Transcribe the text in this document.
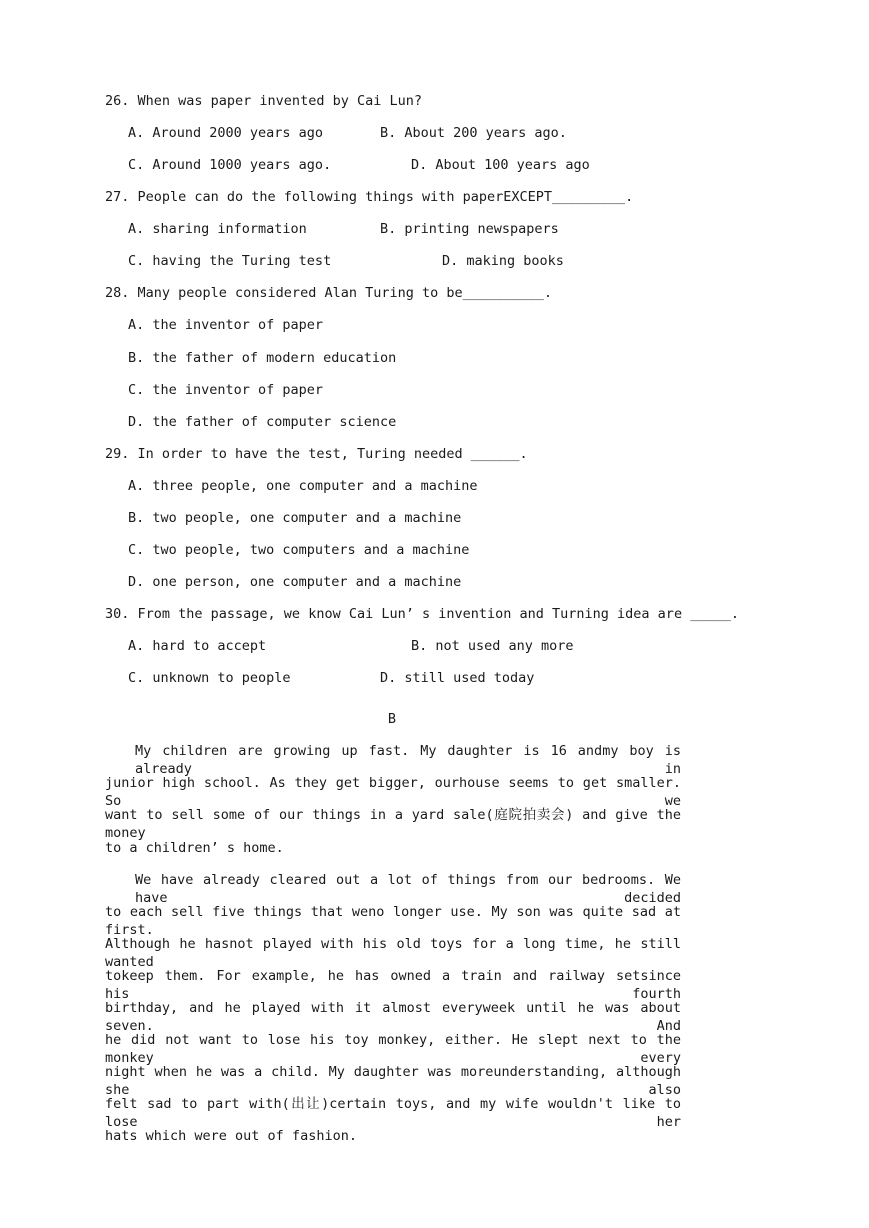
26. When was paper invented by Cai Lun?
A. Around 2000 years ago	B. About 200 years ago.
C. Around 1000 years ago.	D. About 100 years ago
27. People can do the following things with paperEXCEPT_________.
A. sharing information	B. printing newspapers
C. having the Turing test	D. making books
28. Many people considered Alan Turing to be__________.
A. the inventor of paper
B. the father of modern education
C. the inventor of paper
D. the father of computer science
29. In order to have the test, Turing needed ______.
A. three people, one computer and a machine
B. two people, one computer and a machine
C. two people, two computers and a machine
D. one person, one computer and a machine
30. From the passage, we know Cai Lun’ s invention and Turning idea are _____.
A. hard to accept	B. not used any more
C. unknown to people	D. still used today
B
My children are growing up fast. My daughter is 16 andmy boy is already in
junior high school. As they get bigger, ourhouse seems to get smaller. So we
want to sell some of our things in a yard sale(庭院拍卖会) and give the money
to a children’ s home.
We have already cleared out a lot of things from our bedrooms. We have decided
to each sell five things that weno longer use. My son was quite sad at first.
Although he hasnot played with his old toys for a long time, he still wanted
tokeep them. For example, he has owned a train and railway setsince his fourth
birthday, and he played with it almost everyweek until he was about seven. And
he did not want to lose his toy monkey, either. He slept next to the monkey every
night when he was a child. My daughter was moreunderstanding, although she also
felt sad to part with(出让)certain toys, and my wife wouldn't like to lose her
hats which were out of fashion.
